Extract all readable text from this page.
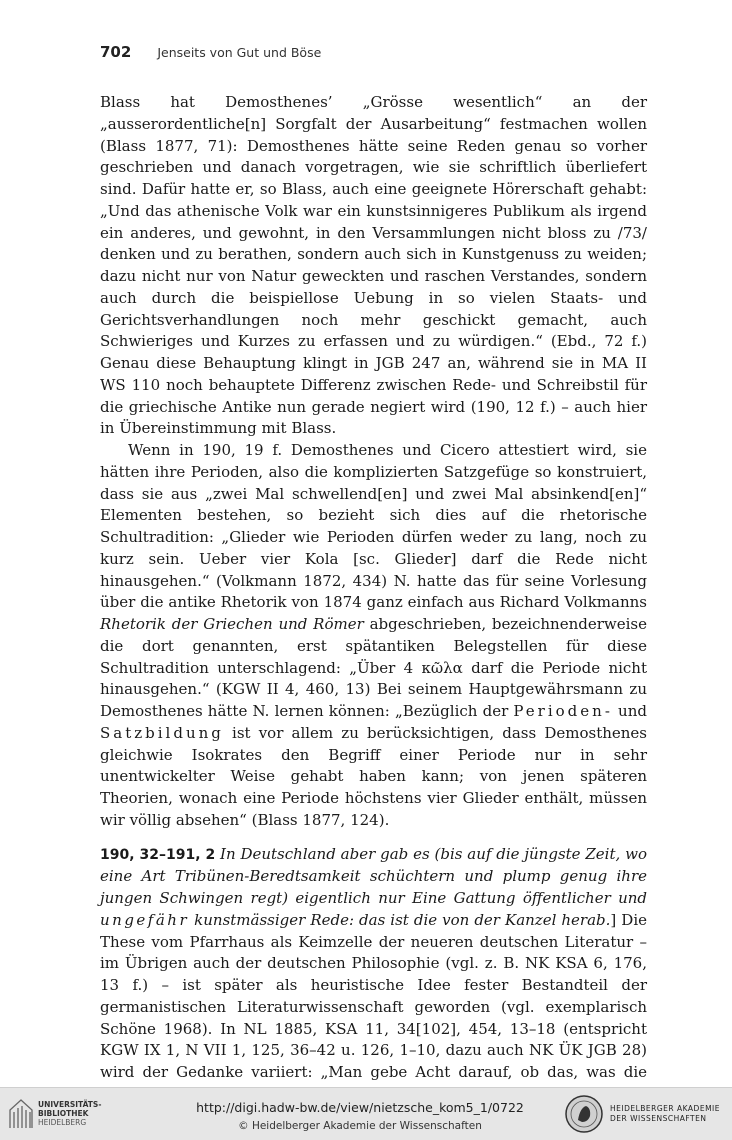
702 Jenseits von Gut und Böse

Blass hat Demosthenes’ „Grösse wesentlich“ an der „ausserordentliche[n] Sorgfalt der Ausarbeitung“ festmachen wollen (Blass 1877, 71): Demosthenes hätte seine Reden genau so vorher geschrieben und danach vorgetragen, wie sie schriftlich überliefert sind. Dafür hatte er, so Blass, auch eine geeignete Hörerschaft gehabt: „Und das athenische Volk war ein kunstsinnigeres Publikum als irgend ein anderes, und gewohnt, in den Versammlungen nicht bloss zu /73/ denken und zu berathen, sondern auch sich in Kunstgenuss zu weiden; dazu nicht nur von Natur geweckten und raschen Verstandes, sondern auch durch die beispiellose Uebung in so vielen Staats- und Gerichtsverhandlungen noch mehr geschickt gemacht, auch Schwieriges und Kurzes zu erfassen und zu würdigen.“ (Ebd., 72 f.) Genau diese Behauptung klingt in JGB 247 an, während sie in MA II WS 110 noch behauptete Differenz zwischen Rede- und Schreibstil für die griechische Antike nun gerade negiert wird (190, 12 f.) – auch hier in Übereinstimmung mit Blass.

Wenn in 190, 19 f. Demosthenes und Cicero attestiert wird, sie hätten ihre Perioden, also die komplizierten Satzgefüge so konstruiert, dass sie aus „zwei Mal schwellend[en] und zwei Mal absinkend[en]“ Elementen bestehen, so bezieht sich dies auf die rhetorische Schultradition: „Glieder wie Perioden dürfen weder zu lang, noch zu kurz sein. Ueber vier Kola [sc. Glieder] darf die Rede nicht hinausgehen.“ (Volkmann 1872, 434) N. hatte das für seine Vorlesung über die antike Rhetorik von 1874 ganz einfach aus Richard Volkmanns Rhetorik der Griechen und Römer abgeschrieben, bezeichnenderweise die dort genannten, erst spätantiken Belegstellen für diese Schultradition unterschlagend: „Über 4 κῶλα darf die Periode nicht hinausgehen.“ (KGW II 4, 460, 13) Bei seinem Hauptgewährsmann zu Demosthenes hätte N. lernen können: „Bezüglich der Perioden- und Satzbildung ist vor allem zu berücksichtigen, dass Demosthenes gleichwie Isokrates den Begriff einer Periode nur in sehr unentwickelter Weise gehabt haben kann; von jenen späteren Theorien, wonach eine Periode höchstens vier Glieder enthält, müssen wir völlig absehen“ (Blass 1877, 124).

190, 32–191, 2 In Deutschland aber gab es (bis auf die jüngste Zeit, wo eine Art Tribünen-Beredtsamkeit schüchtern und plump genug ihre jungen Schwingen regt) eigentlich nur Eine Gattung öffentlicher und ungefähr kunstmässiger Rede: das ist die von der Kanzel herab.] Die These vom Pfarrhaus als Keimzelle der neueren deutschen Literatur – im Übrigen auch der deutschen Philosophie (vgl. z. B. NK KSA 6, 176, 13 f.) – ist später als heuristische Idee fester Bestandteil der germanistischen Literaturwissenschaft geworden (vgl. exemplarisch Schöne 1968). In NL 1885, KSA 11, 34[102], 454, 13–18 (entspricht KGW IX 1, N VII 1, 125, 36–42 u. 126, 1–10, dazu auch NK ÜK JGB 28) wird der Gedanke variiert: „Man gebe Acht darauf, ob das, was die

UNIVERSITÄTS-
BIBLIOTHEK
HEIDELBERG
http://digi.hadw-bw.de/view/nietzsche_kom5_1/0722
© Heidelberger Akademie der Wissenschaften
HEIDELBERGER AKADEMIE
DER WISSENSCHAFTEN
